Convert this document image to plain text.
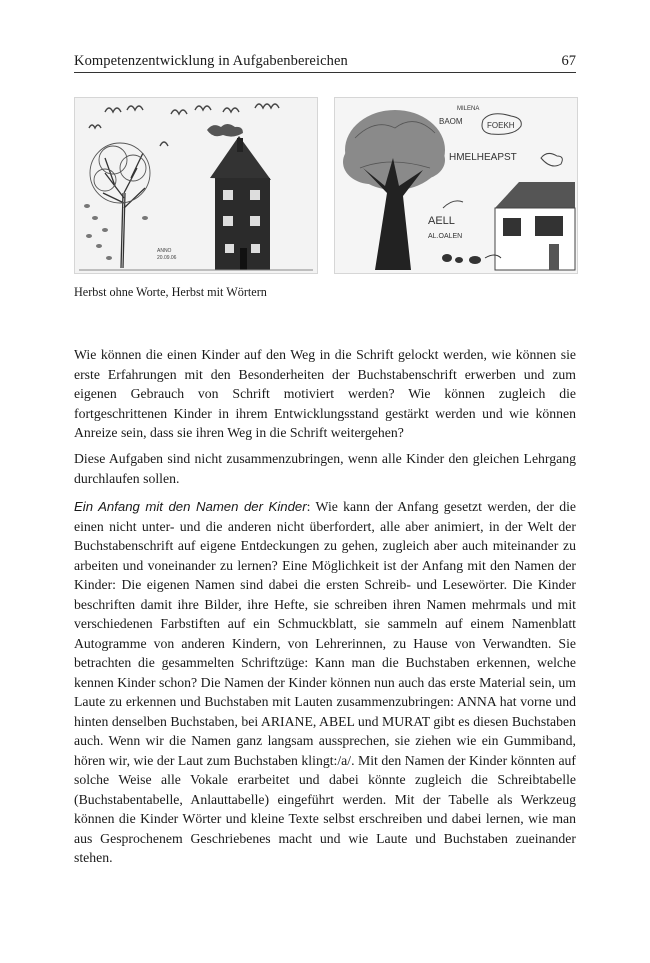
Kompetenzentwicklung in Aufgabenbereichen	67
ANNO
20.09.06
MILENA
BAOM	FOEKH
HMELHEAPST
AELL
AL.OALEN
Herbst ohne Worte, Herbst mit Wörtern
Wie können die einen Kinder auf den Weg in die Schrift gelockt werden, wie können sie erste Erfahrungen mit den Besonderheiten der Buchstabenschrift erwerben und zum eigenen Gebrauch von Schrift motiviert werden? Wie können zugleich die fortgeschrittenen Kinder in ihrem Entwicklungsstand gestärkt werden und wie können Anreize sein, dass sie ihren Weg in die Schrift weitergehen?
Diese Aufgaben sind nicht zusammenzubringen, wenn alle Kinder den gleichen Lehrgang durchlaufen sollen.
Ein Anfang mit den Namen der Kinder: Wie kann der Anfang gesetzt werden, der die einen nicht unter- und die anderen nicht überfordert, alle aber animiert, in der Welt der Buchstabenschrift auf eigene Entdeckungen zu gehen, zugleich aber auch miteinander zu arbeiten und voneinander zu lernen? Eine Möglichkeit ist der Anfang mit den Namen der Kinder: Die eigenen Namen sind dabei die ersten Schreib- und Lesewörter. Die Kinder beschriften damit ihre Bilder, ihre Hefte, sie schreiben ihren Namen mehrmals und mit verschiedenen Farbstiften auf ein Schmuckblatt, sie sammeln auf einem Namenblatt Autogramme von anderen Kindern, von Lehrerinnen, zu Hause von Verwandten. Sie betrachten die gesammelten Schriftzüge: Kann man die Buchstaben erkennen, welche kennen Kinder schon? Die Namen der Kinder können nun auch das erste Material sein, um Laute zu erkennen und Buchstaben mit Lauten zusammenzubringen: ANNA hat vorne und hinten denselben Buchstaben, bei ARIANE, ABEL und MURAT gibt es diesen Buchstaben auch. Wenn wir die Namen ganz langsam aussprechen, sie ziehen wie ein Gummiband, hören wir, wie der Laut zum Buchstaben klingt:/a/. Mit den Namen der Kinder könnten auf solche Weise alle Vokale erarbeitet und dabei könnte zugleich die Schreibtabelle (Buchstabentabelle, Anlauttabelle) eingeführt werden. Mit der Tabelle als Werkzeug können die Kinder Wörter und kleine Texte selbst erschreiben und dabei lernen, wie man aus Gesprochenem Geschriebenes macht und wie Laute und Buchstaben zueinander stehen.
